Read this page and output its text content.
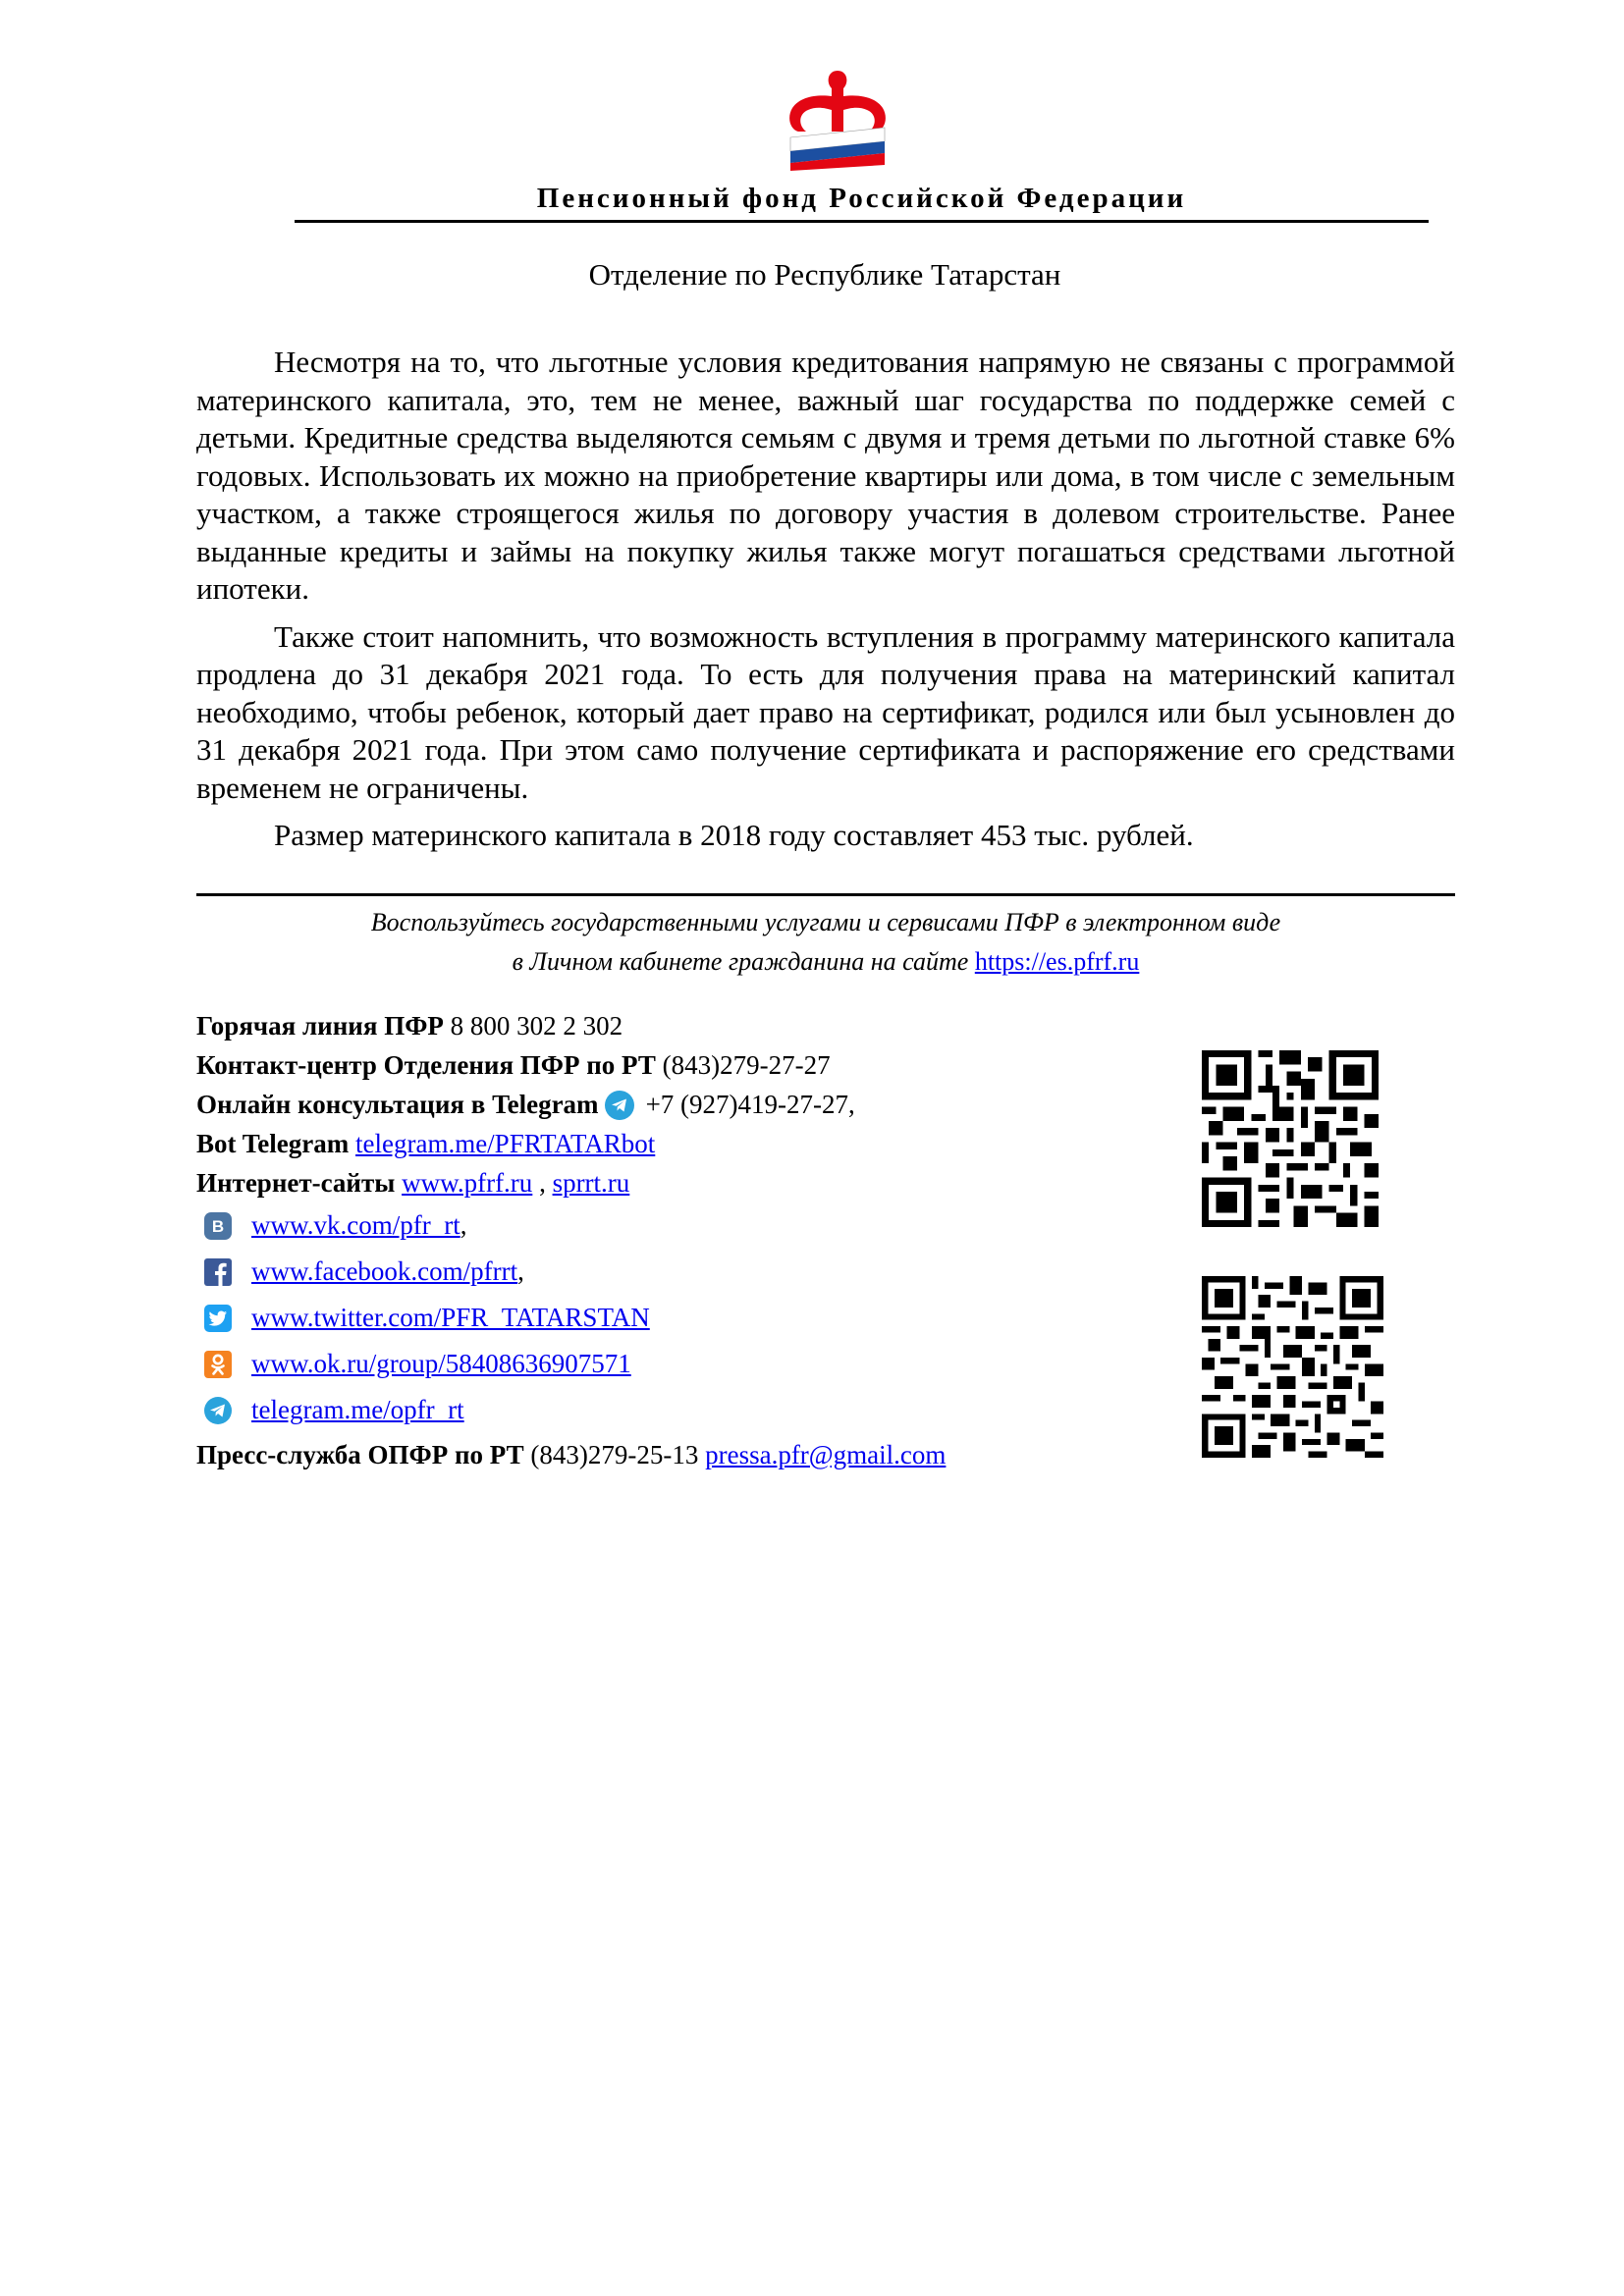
Пенсионный фонд Российской Федерации
Отделение по Республике Татарстан

Несмотря на то, что льготные условия кредитования напрямую не связаны с программой материнского капитала, это, тем не менее, важный шаг государства по поддержке семей с детьми. Кредитные средства выделяются семьям с двумя и тремя детьми по льготной ставке 6% годовых. Использовать их можно на приобретение квартиры или дома, в том числе с земельным участком, а также строящегося жилья по договору участия в долевом строительстве. Ранее выданные кредиты и займы на покупку жилья также могут погашаться средствами льготной ипотеки.

Также стоит напомнить, что возможность вступления в программу материнского капитала продлена до 31 декабря 2021 года. То есть для получения права на материнский капитал необходимо, чтобы ребенок, который дает право на сертификат, родился или был усыновлен до 31 декабря 2021 года. При этом само получение сертификата и распоряжение его средствами временем не ограничены.

Размер материнского капитала в 2018 году составляет 453 тыс. рублей.

Воспользуйтесь государственными услугами и сервисами ПФР в электронном виде
в Личном кабинете гражданина на сайте https://es.pfrf.ru
Горячая линия ПФР 8 800 302 2 302
Контакт-центр Отделения ПФР по РТ (843)279-27-27
Онлайн консультация в Telegram +7 (927)419-27-27,
Bot Telegram telegram.me/PFRTATARbot
Интернет-сайты www.pfrf.ru , sprrt.ru
B www.vk.com/pfr_rt ,
www.facebook.com/pfrrt ,
www.twitter.com/PFR_TATARSTAN
www.ok.ru/group/58408636907571
telegram.me/opfr_rt
Пресс-служба ОПФР по РТ (843)279-25-13 pressa.pfr@gmail.com
